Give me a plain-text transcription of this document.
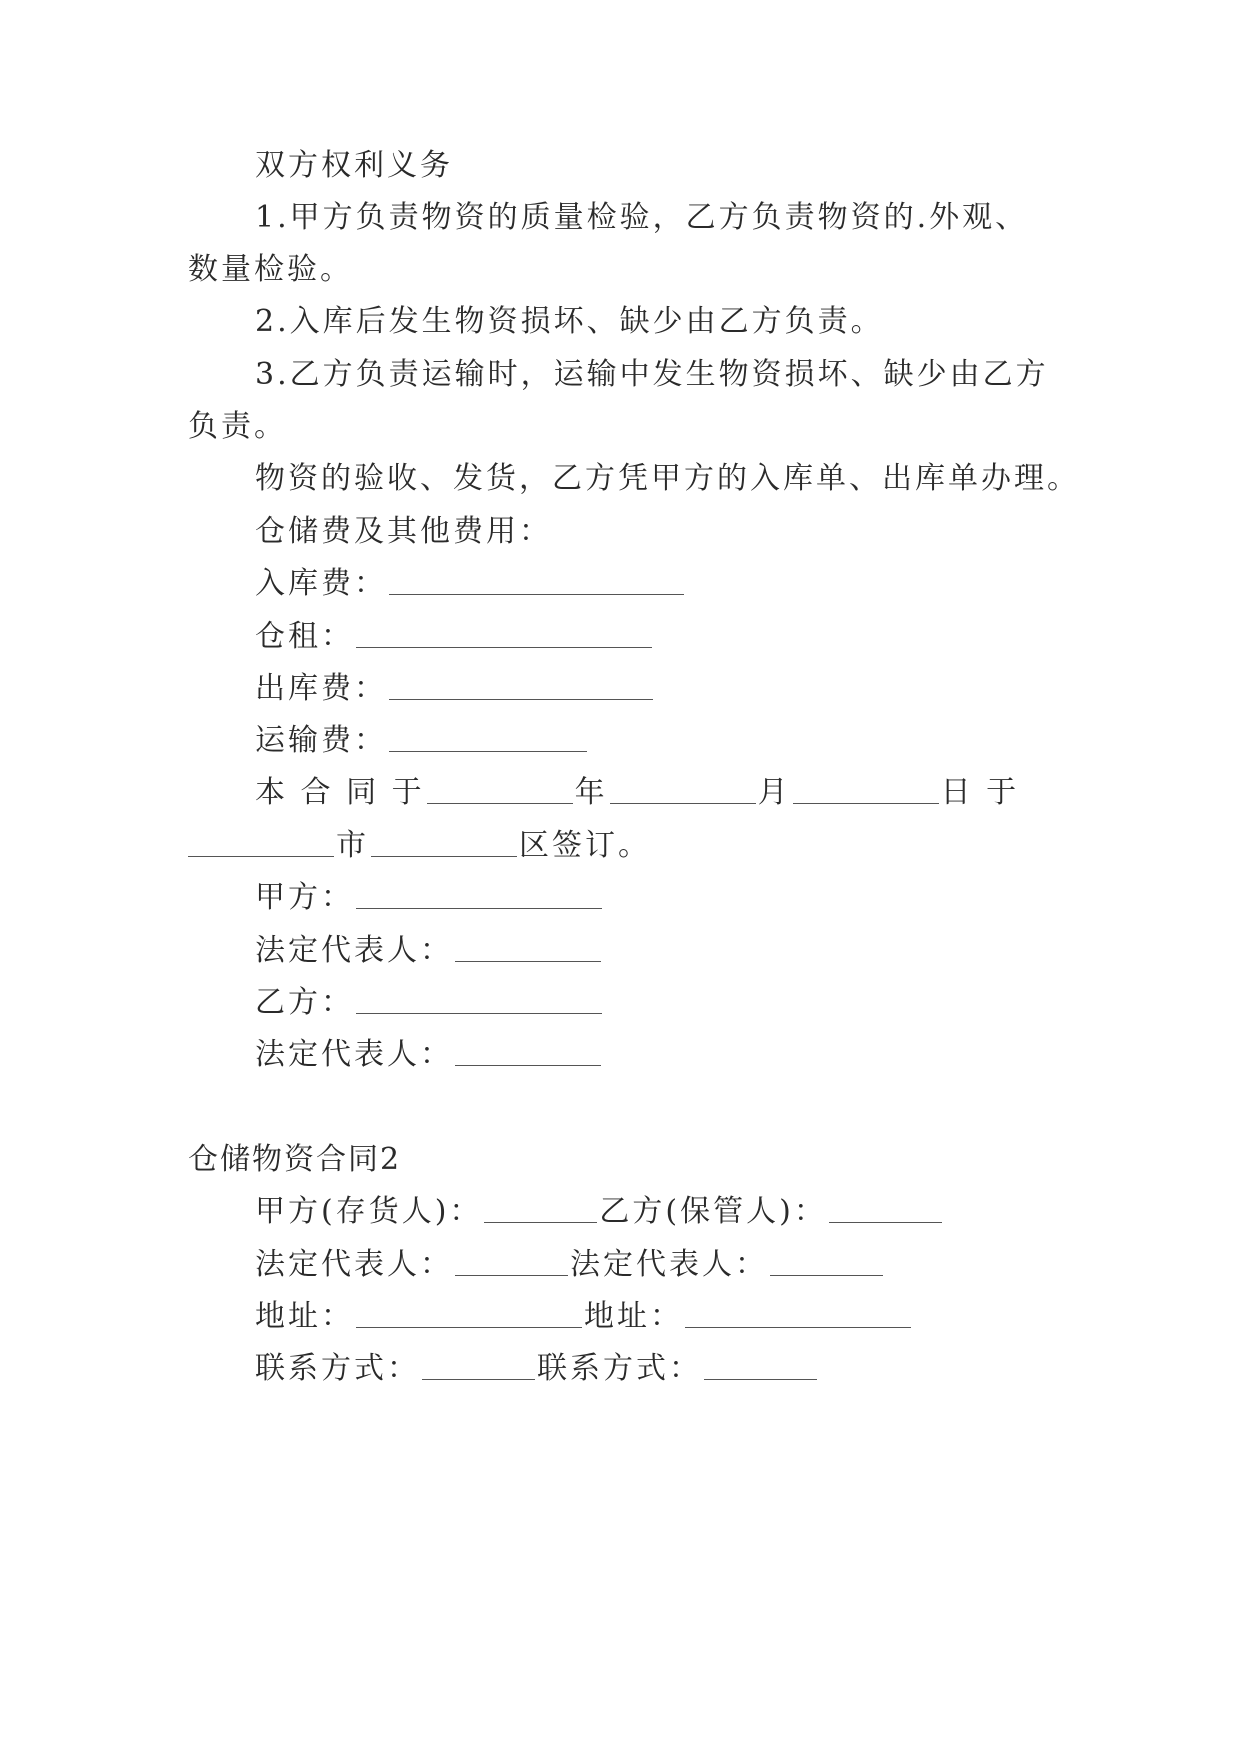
双方权利义务
1.甲方负责物资的质量检验，乙方负责物资的.外观、
数量检验。
2.入库后发生物资损坏、缺少由乙方负责。
3.乙方负责运输时，运输中发生物资损坏、缺少由乙方
负责。
物资的验收、发货，乙方凭甲方的入库单、出库单办理。
仓储费及其他费用：
入库费：
仓租：
出库费：
运输费：
本 合 同 于	年	月	日 于
市	区签订。
甲方：
法定代表人：
乙方：
法定代表人：
仓储物资合同2
甲方(存货人)：	乙方(保管人)：
法定代表人：	法定代表人：
地址：	地址：
联系方式：	联系方式：
